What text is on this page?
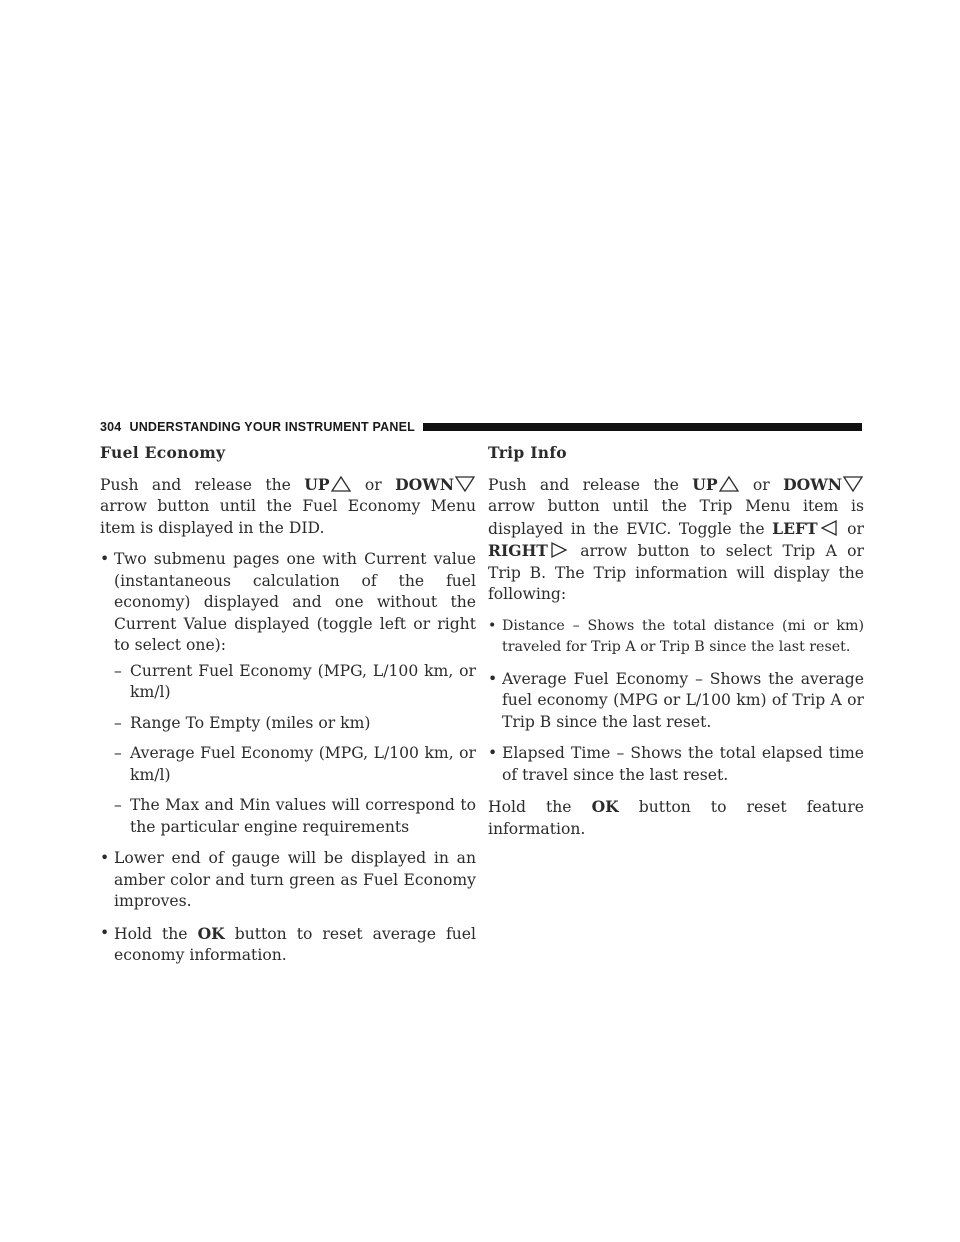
304 UNDERSTANDING YOUR INSTRUMENT PANEL
Fuel Economy

Push and release the UP or DOWN
arrow button until the Fuel Economy Menu item is displayed in the DID.

• Two submenu pages one with Current value (instantaneous calculation of the fuel economy) displayed and one without the Current Value displayed (toggle left or right to select one):
– Current Fuel Economy (MPG, L/100 km, or km/l)
– Range To Empty (miles or km)
– Average Fuel Economy (MPG, L/100 km, or km/l)
– The Max and Min values will correspond to the particular engine requirements
• Lower end of gauge will be displayed in an amber color and turn green as Fuel Economy improves.
• Hold the OK button to reset average fuel economy information.
Trip Info

Push and release the UP or DOWN
arrow button until the Trip Menu item is displayed in the EVIC. Toggle the LEFT or RIGHT arrow button to select Trip A or Trip B. The Trip information will display the following:

• Distance – Shows the total distance (mi or km) traveled for Trip A or Trip B since the last reset.
• Average Fuel Economy – Shows the average fuel economy (MPG or L/100 km) of Trip A or Trip B since the last reset.
• Elapsed Time – Shows the total elapsed time of travel since the last reset.

Hold the OK button to reset feature information.
